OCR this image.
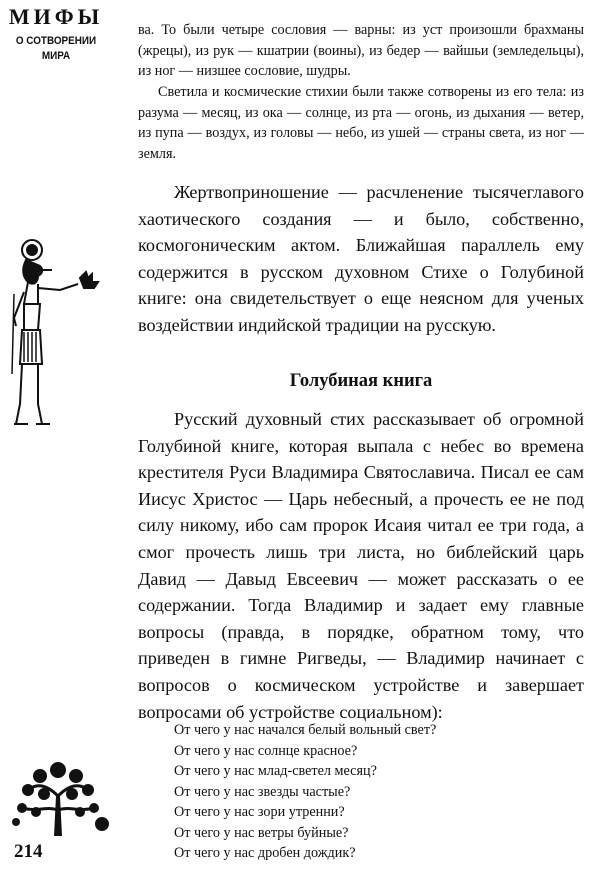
МИФЫ
О СОТВОРЕНИИ
МИРА
214

ва. То были четыре сословия — варны: из уст произошли брахманы (жрецы), из рук — кшатрии (воины), из бедер — вайшьи (земледельцы), из ног — низшее сословие, шудры.

Светила и космические стихии были также сотворены из его тела: из разума — месяц, из ока — солнце, из рта — огонь, из дыхания — ветер, из пупа — воздух, из головы — небо, из ушей — страны света, из ног — земля.

Жертвоприношение — расчленение тысячеглавого хаотического создания — и было, собственно, космогоническим актом. Ближайшая параллель ему содержится в русском духовном Стихе о Голубиной книге: она свидетельствует о еще неясном для ученых воздействии индийской традиции на русскую.

Голубиная книга

Русский духовный стих рассказывает об огромной Голубиной книге, которая выпала с небес во времена крестителя Руси Владимира Святославича. Писал ее сам Иисус Христос — Царь небесный, а прочесть ее не под силу никому, ибо сам пророк Исаия читал ее три года, а смог прочесть лишь три листа, но библейский царь Давид — Давыд Евсеевич — может рассказать о ее содержании. Тогда Владимир и задает ему главные вопросы (правда, в порядке, обратном тому, что приведен в гимне Ригведы, — Владимир начинает с вопросов о космическом устройстве и завершает вопросами об устройстве социальном):

От чего у нас начался белый вольный свет?
От чего у нас солнце красное?
От чего у нас млад-светел месяц?
От чего у нас звезды частые?
От чего у нас зори утренни?
От чего у нас ветры буйные?
От чего у нас дробен дождик?
